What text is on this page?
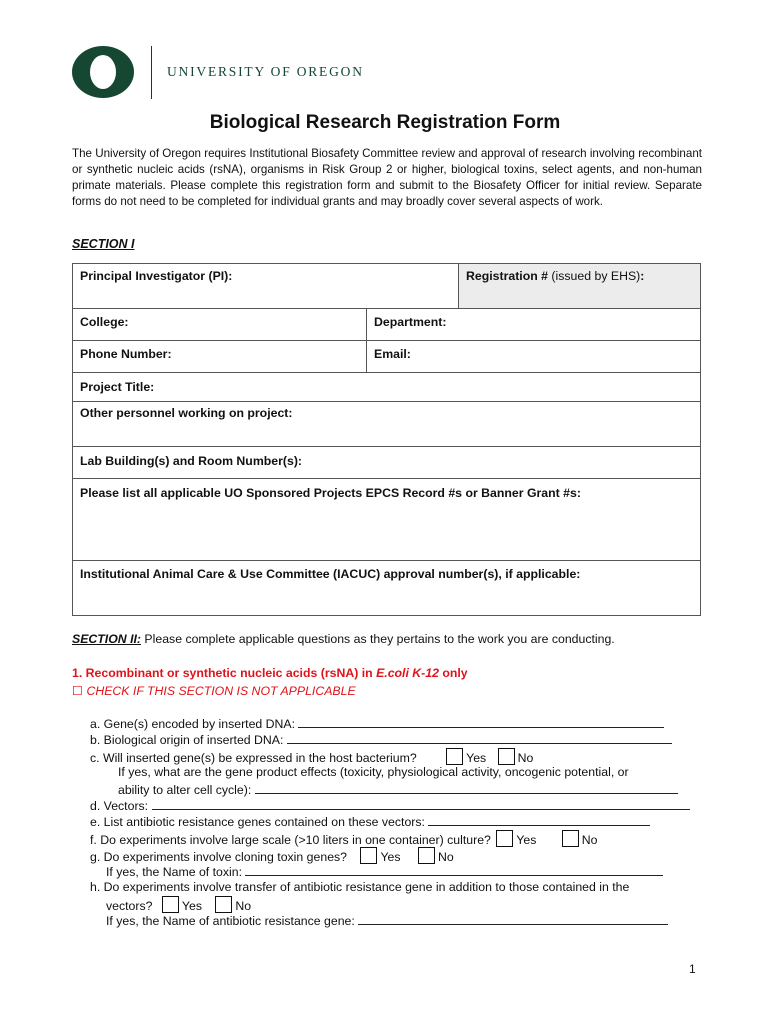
UNIVERSITY OF OREGON
Biological Research Registration Form
The University of Oregon requires Institutional Biosafety Committee review and approval of research involving recombinant or synthetic nucleic acids (rsNA), organisms in Risk Group 2 or higher, biological toxins, select agents, and non-human primate materials. Please complete this registration form and submit to the Biosafety Officer for initial review. Separate forms do not need to be completed for individual grants and may broadly cover several aspects of work.
SECTION I
Principal Investigator (PI):	Registration # (issued by EHS):
College:	Department:
Phone Number:	Email:
Project Title:
Other personnel working on project:
Lab Building(s) and Room Number(s):
Please list all applicable UO Sponsored Projects EPCS Record #s or Banner Grant #s:
Institutional Animal Care & Use Committee (IACUC) approval number(s), if applicable:
SECTION II: Please complete applicable questions as they pertains to the work you are conducting.
1. Recombinant or synthetic nucleic acids (rsNA) in E.coli K-12 only
☐ CHECK IF THIS SECTION IS NOT APPLICABLE
a. Gene(s) encoded by inserted DNA:
b. Biological origin of inserted DNA:
c. Will inserted gene(s) be expressed in the host bacterium?	Yes	No
If yes, what are the gene product effects (toxicity, physiological activity, oncogenic potential, or
ability to alter cell cycle):
d. Vectors:
e. List antibiotic resistance genes contained on these vectors:
f. Do experiments involve large scale (>10 liters in one container) culture? Yes	No
g. Do experiments involve cloning toxin genes?	Yes	No
If yes, the Name of toxin:
h. Do experiments involve transfer of antibiotic resistance gene in addition to those contained in the
vectors? Yes	No
If yes, the Name of antibiotic resistance gene:
1
